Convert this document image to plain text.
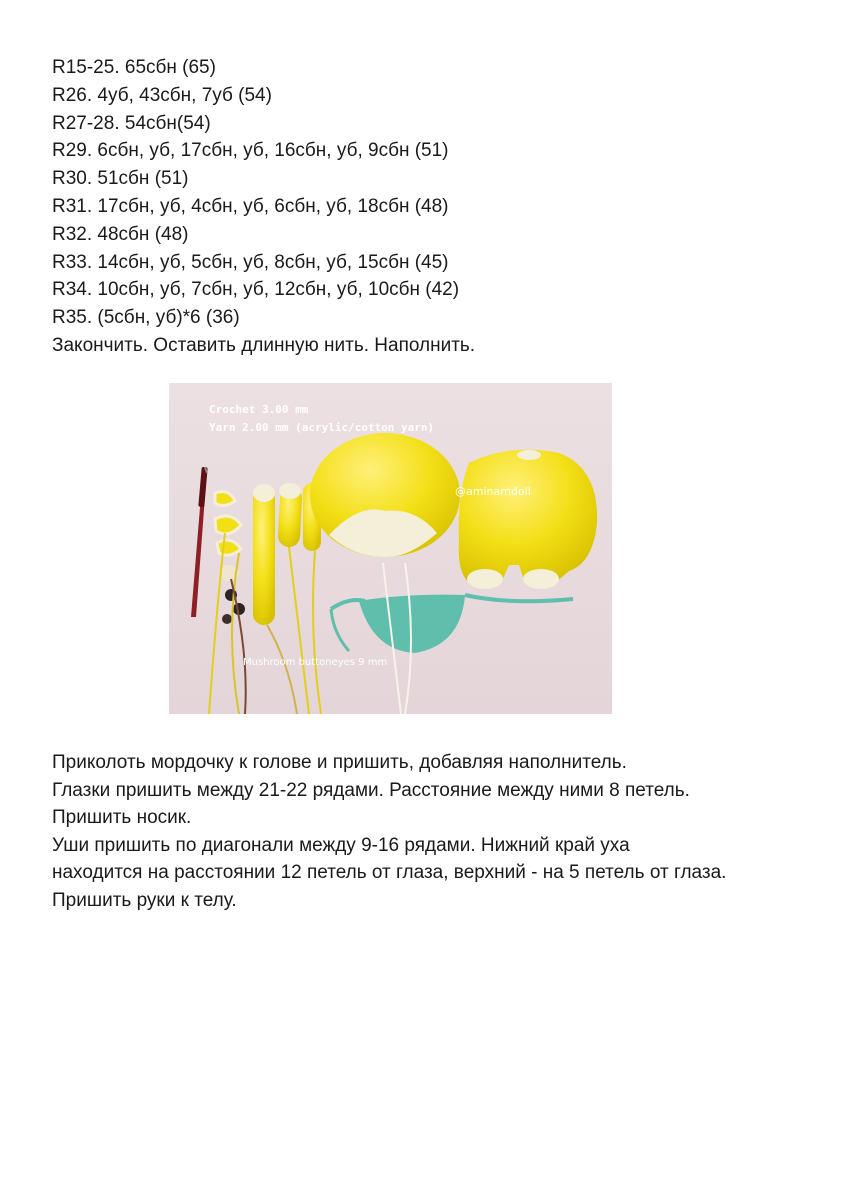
R15-25. 65сбн (65)
R26. 4уб, 43сбн, 7уб (54)
R27-28. 54сбн(54)
R29. 6сбн, уб, 17сбн, уб, 16сбн, уб, 9сбн (51)
R30. 51сбн (51)
R31. 17сбн, уб, 4сбн, уб, 6сбн, уб, 18сбн (48)
R32. 48сбн (48)
R33. 14сбн, уб, 5сбн, уб, 8сбн, уб, 15сбн (45)
R34. 10сбн, уб, 7сбн, уб, 12сбн, уб, 10сбн (42)
R35. (5сбн, уб)*6 (36)
Закончить. Оставить длинную нить. Наполнить.
Crochet 3.00 mm
Yarn 2.00 mm (acrylic/cotton yarn)
@aminamdoll
Mushroom buttoneyes 9 mm
Приколоть мордочку к голове и пришить, добавляя наполнитель.
Глазки пришить между 21-22 рядами. Расстояние между ними 8 петель.
Пришить носик.
Уши пришить по диагонали между 9-16 рядами. Нижний край уха
находится на расстоянии 12 петель от глаза, верхний - на 5 петель от глаза.
Пришить руки к телу.
